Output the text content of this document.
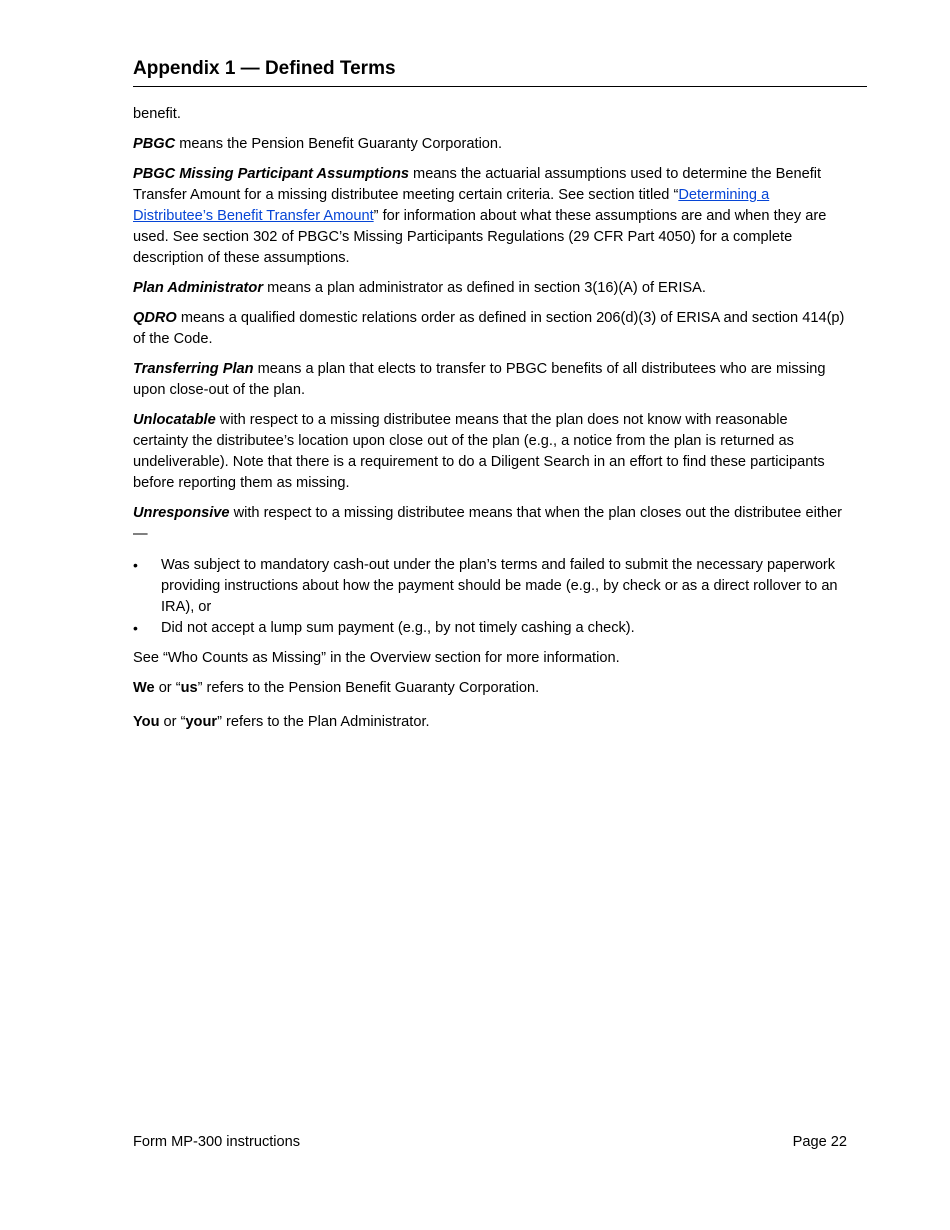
Appendix 1 — Defined Terms

benefit.

PBGC means the Pension Benefit Guaranty Corporation.

PBGC Missing Participant Assumptions means the actuarial assumptions used to determine the Benefit Transfer Amount for a missing distributee meeting certain criteria. See section titled “Determining a Distributee’s Benefit Transfer Amount” for information about what these assumptions are and when they are used. See section 302 of PBGC’s Missing Participants Regulations (29 CFR Part 4050) for a complete description of these assumptions.

Plan Administrator means a plan administrator as defined in section 3(16)(A) of ERISA.

QDRO means a qualified domestic relations order as defined in section 206(d)(3) of ERISA and section 414(p) of the Code.

Transferring Plan means a plan that elects to transfer to PBGC benefits of all distributees who are missing upon close-out of the plan.

Unlocatable with respect to a missing distributee means that the plan does not know with reasonable certainty the distributee’s location upon close out of the plan (e.g., a notice from the plan is returned as undeliverable). Note that there is a requirement to do a Diligent Search in an effort to find these participants before reporting them as missing.

Unresponsive with respect to a missing distributee means that when the plan closes out the distributee either—

• Was subject to mandatory cash-out under the plan’s terms and failed to submit the necessary paperwork providing instructions about how the payment should be made (e.g., by check or as a direct rollover to an IRA), or
• Did not accept a lump sum payment (e.g., by not timely cashing a check).

See “Who Counts as Missing” in the Overview section for more information.

We or “us” refers to the Pension Benefit Guaranty Corporation.

You or “your” refers to the Plan Administrator.

Form MP-300 instructions	Page 22
